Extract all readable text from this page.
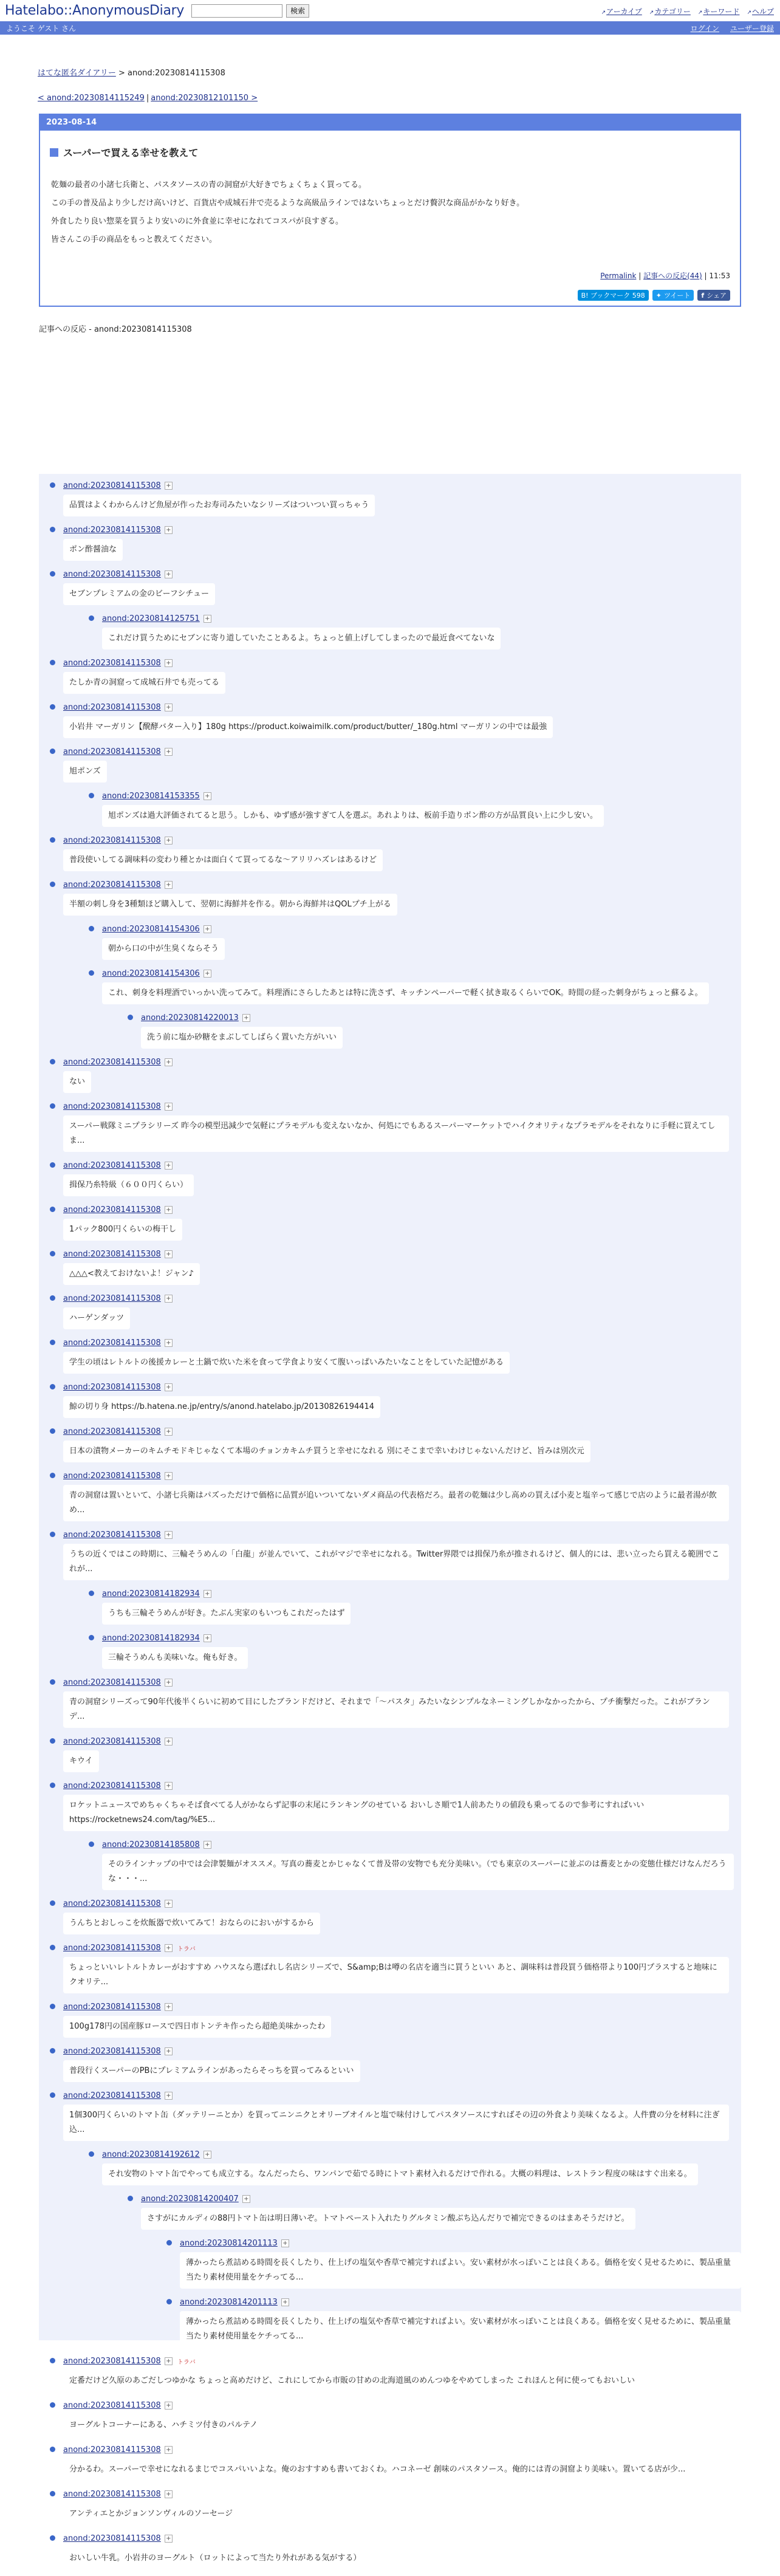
Hatelabo::AnonymousDiary	検索	↗ アーカイブ	↗ カテゴリー	↗ キーワード	↗ ヘルプ
ようこそ ゲスト さん	ログイン ユーザー登録
はてな匿名ダイアリー > anond:20230814115308
< anond:20230814115249 | anond:20230812101150 >
2023-08-14
スーパーで買える幸せを教えて

乾麺の最者の小諸七兵衛と、パスタソースの青の洞窟が大好きでちょくちょく買ってる。

この手の普及品より少しだけ高いけど、百貨店や成城石井で売るような高級品ラインではないちょっとだけ贅沢な商品がかなり好き。

外食したり良い惣菜を買うより安いのに外食並に幸せになれてコスパが良すぎる。

皆さんこの手の商品をもっと教えてください。

Permalink | 記事への反応(44) | 11:53
B! ブックマーク 598	✦ ツイート f シェア
記事への反応 - anond:20230814115308
anond:20230814115308 +
品質はよくわからんけど魚屋が作ったお寿司みたいなシリーズはついつい買っちゃう
anond:20230814115308 +
ポン酢醤油な
anond:20230814115308 +
セブンプレミアムの金のビーフシチュー
anond:20230814125751 +
これだけ買うためにセブンに寄り道していたことあるよ。ちょっと値上げしてしまったので最近食べてないな
anond:20230814115308 +
たしか青の洞窟って成城石井でも売ってる
anond:20230814115308 +
小岩井 マーガリン【醗酵バター入り】180g https://product.koiwaimilk.com/product/butter/_180g.html マーガリンの中では最強
anond:20230814115308 +
旭ポンズ
anond:20230814153355 +
旭ポンズは過大評価されてると思う。しかも、ゆず感が強すぎて人を選ぶ。あれよりは、板前手造りポン酢の方が品質良い上に少し安い。
anond:20230814115308 +
普段使いしてる調味料の変わり種とかは面白くて買ってるな〜アリリハズレはあるけど
anond:20230814115308 +
半額の刺し身を3種類ほど購入して、翌朝に海鮮丼を作る。朝から海鮮丼はQOLプチ上がる
anond:20230814154306 +
朝から口の中が生臭くならそう
anond:20230814154306 +
これ、刺身を料理酒でいっかい洗ってみて。料理酒にさらしたあとは特に洗さず、キッチンペーパーで軽く拭き取るくらいでOK。時間の経った刺身がちょっと蘇るよ。
anond:20230814220013 +
洗う前に塩か砂糖をまぶしてしばらく置いた方がいい
anond:20230814115308 +
ない
anond:20230814115308 +
スーパー戦隊ミニプラシリーズ 昨今の模型迅減少で気軽にプラモデルも変えないなか、何処にでもあるスーパーマーケットでハイクオリティなプラモデルをそれなりに手軽に買えてしま...
anond:20230814115308 +
揖保乃糸特級（６００円くらい）
anond:20230814115308 +
1パック800円くらいの梅干し
anond:20230814115308 +
△△△<教えておけないよ！ジャン♪
anond:20230814115308 +
ハーゲンダッツ
anond:20230814115308 +
学生の頃はレトルトの後援カレーと土鍋で炊いた米を食って学食より安くて腹いっぱいみたいなことをしていた記憶がある
anond:20230814115308 +
鯨の切り身 https://b.hatena.ne.jp/entry/s/anond.hatelabo.jp/20130826194414
anond:20230814115308 +
日本の漬物メーカーのキムチモドキじゃなくて本場のチョンカキムチ買うと幸せになれる 別にそこまで幸いわけじゃないんだけど、旨みは別次元
anond:20230814115308 +
青の洞窟は置いといて、小諸七兵衛はパズっただけで価格に品質が追いついてないダメ商品の代表格だろ。最者の乾麺は少し高めの買えば小麦と塩辛って感じで店のように最者湯が飲め...
anond:20230814115308 +
うちの近くではこの時期に、三輪そうめんの「白龍」が並んでいて、これがマジで幸せになれる。Twitter界隈では揖保乃糸が推されるけど、個人的には、悲い立ったら買える範囲でこれが...
anond:20230814182934 +
うちも三輪そうめんが好き。たぶん実家のもいつもこれだったはず
anond:20230814182934 +
三輪そうめんも美味いな。俺も好き。
anond:20230814115308 +
青の洞窟シリーズって90年代後半くらいに初めて目にしたブランドだけど、それまで「〜パスタ」みたいなシンプルなネーミングしかなかったから、プチ衝撃だった。これがブランデ...
anond:20230814115308 +
キウイ
anond:20230814115308 +
ロケットニュースでめちゃくちゃそば食べてる人がかならず記事の末尾にランキングのせている おいしさ順で1人前あたりの値段も乗ってるので参考にすればいい https://rocketnews24.com/tag/%E5...
anond:20230814185808 +
そのラインナップの中では会津製麺がオススメ。写真の蕎麦とかじゃなくて普及帯の安物でも充分美味い。（でも東京のスーパーに並ぶのは蕎麦とかの変態仕様だけなんだろうな・・・...
anond:20230814115308 +
うんちとおしっこを炊飯器で炊いてみて！おならのにおいがするから
anond:20230814115308 + トラバ
ちょっといいレトルトカレーがおすすめ ハウスなら選ばれし名店シリーズで、S&amp;Bは噂の名店を適当に買うといい あと、調味料は普段買う価格帯より100円プラスすると地味にクオリテ...
anond:20230814115308 +
100g178円の国産豚ロースで四日市トンテキ作ったら超絶美味かったわ
anond:20230814115308 +
普段行くスーパーのPBにプレミアムラインがあったらそっちを買ってみるといい
anond:20230814115308 +
1個300円くらいのトマト缶（ダッテリーニとか）を買ってニンニクとオリーブオイルと塩で味付けしてパスタソースにすればその辺の外食より美味くなるよ。人件費の分を材料に注ぎ込...
anond:20230814192612 +
それ安物のトマト缶でやっても成立する。なんだったら、ワンパンで茹でる時にトマト素材入れるだけで作れる。大概の料理は、レストラン程度の味はすぐ出来る。
anond:20230814200407 +
さすがにカルディの88円トマト缶は明日薄いぞ。トマトペースト入れたりグルタミン酸ぶち込んだりで補完できるのはまあそうだけど。
anond:20230814201113 +
薄かったら煮詰める時間を長くしたり、仕上げの塩気や香草で補完すればよい。安い素材が水っぽいことは良くある。価格を安く見せるために、製品重量当たり素材使用量をケチってる...
anond:20230814201113 +
薄かったら煮詰める時間を長くしたり、仕上げの塩気や香草で補完すればよい。安い素材が水っぽいことは良くある。価格を安く見せるために、製品重量当たり素材使用量をケチってる...
anond:20230814115308 + トラバ
定番だけど久原のあごだしつゆかな ちょっと高めだけど、これにしてから市販の甘めの北海道風のめんつゆをやめてしまった これほんと何に使ってもおいしい
anond:20230814115308 +
ヨーグルトコーナーにある、ハチミツ付きのパルテノ
anond:20230814115308 +
分かるわ。スーパーで幸せになれるまじでコスパいいよな。俺のおすすめも書いておくわ。ハコネーゼ 創味のパスタソース。俺的には青の洞窟より美味い。置いてる店が少...
anond:20230814115308 +
アンティエとかジョンソンヴィルのソーセージ
anond:20230814115308 +
おいしい牛乳。小岩井のヨーグルト（ロットによって当たり外れがある気がする）
